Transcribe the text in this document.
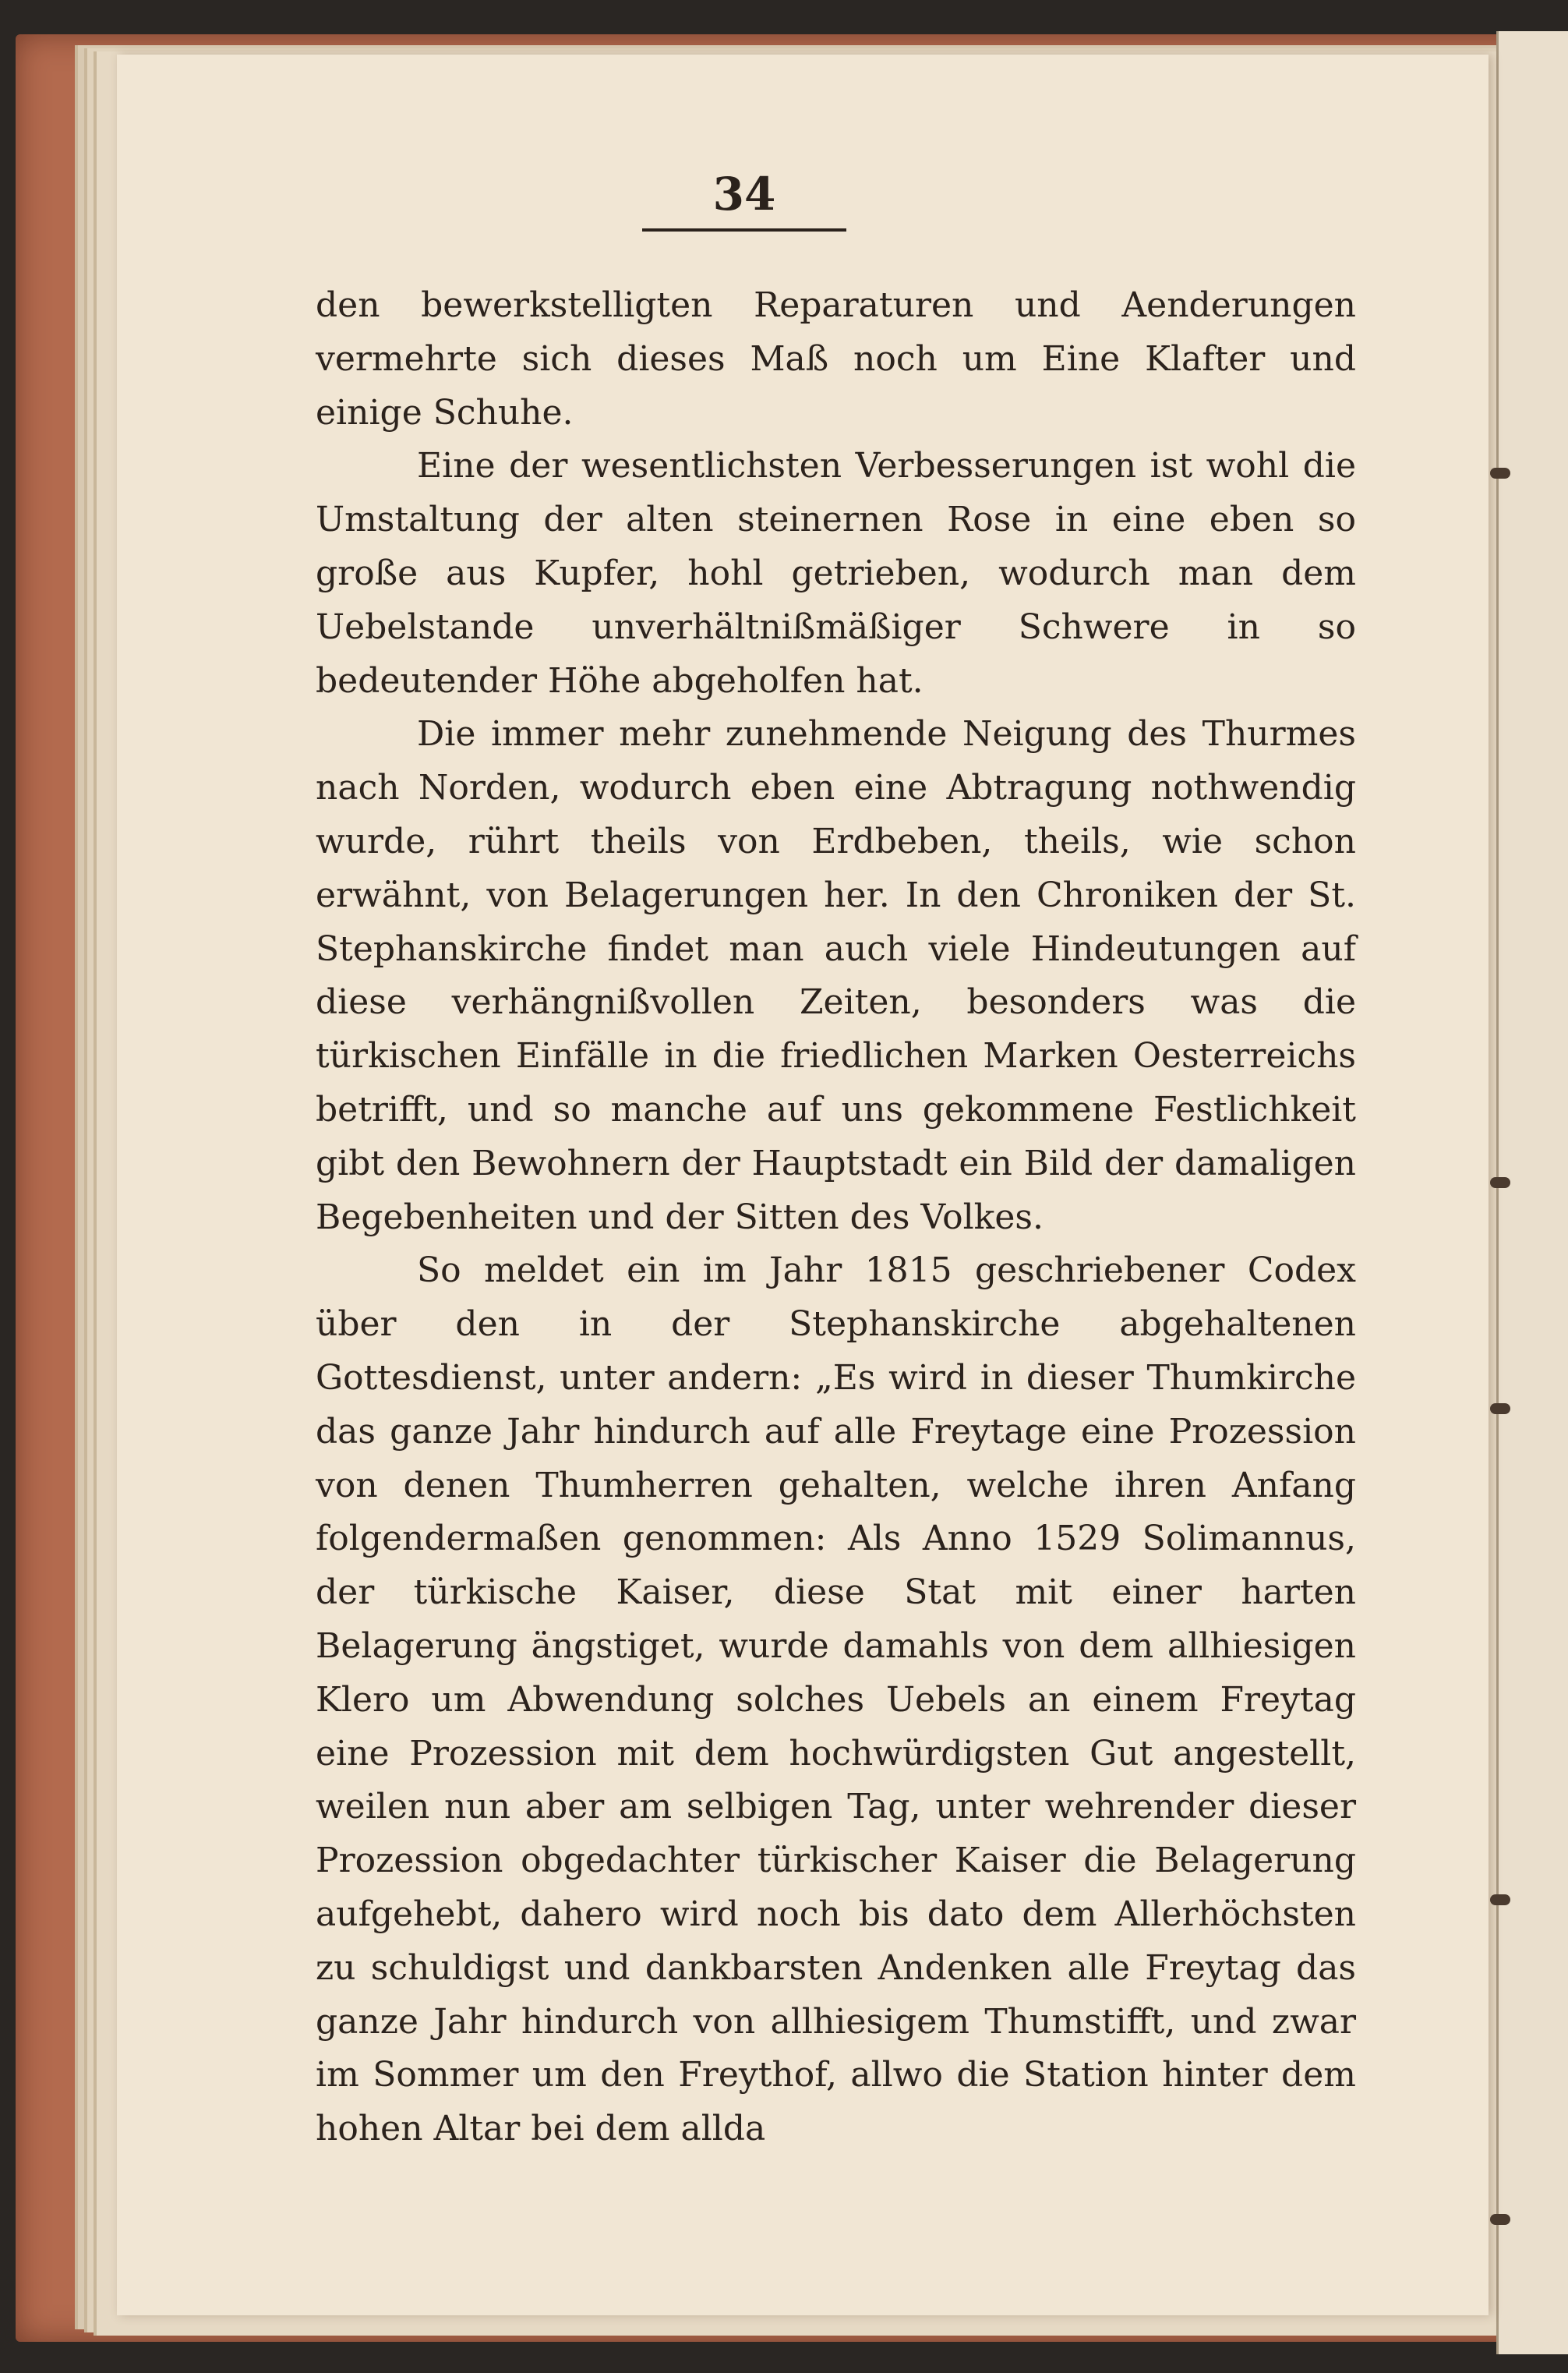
34

den bewerkstelligten Reparaturen und Aenderungen vermehrte sich dieses Maß noch um Eine Klafter und einige Schuhe.

Eine der wesentlichsten Verbesserungen ist wohl die Umstaltung der alten steinernen Rose in eine eben so große aus Kupfer, hohl getrieben, wodurch man dem Uebelstande unverhältnißmäßiger Schwere in so bedeutender Höhe abgeholfen hat.

Die immer mehr zunehmende Neigung des Thurmes nach Norden, wodurch eben eine Abtragung nothwendig wurde, rührt theils von Erdbeben, theils, wie schon erwähnt, von Belagerungen her. In den Chroniken der St. Stephanskirche findet man auch viele Hindeutungen auf diese verhängnißvollen Zeiten, besonders was die türkischen Einfälle in die friedlichen Marken Oesterreichs betrifft, und so manche auf uns gekommene Festlichkeit gibt den Bewohnern der Hauptstadt ein Bild der damaligen Begebenheiten und der Sitten des Volkes.

So meldet ein im Jahr 1815 geschriebener Codex über den in der Stephanskirche abgehaltenen Gottesdienst, unter andern: „Es wird in dieser Thumkirche das ganze Jahr hindurch auf alle Freytage eine Prozession von denen Thumherren gehalten, welche ihren Anfang folgendermaßen genommen: Als Anno 1529 Solimannus, der türkische Kaiser, diese Stat mit einer harten Belagerung ängstiget, wurde damahls von dem allhiesigen Klero um Abwendung solches Uebels an einem Freytag eine Prozession mit dem hochwürdigsten Gut angestellt, weilen nun aber am selbigen Tag, unter wehrender dieser Prozession obgedachter türkischer Kaiser die Belagerung aufgehebt, dahero wird noch bis dato dem Allerhöchsten zu schuldigst und dankbarsten Andenken alle Freytag das ganze Jahr hindurch von allhiesigem Thumstifft, und zwar im Sommer um den Freythof, allwo die Station hinter dem hohen Altar bei dem allda
